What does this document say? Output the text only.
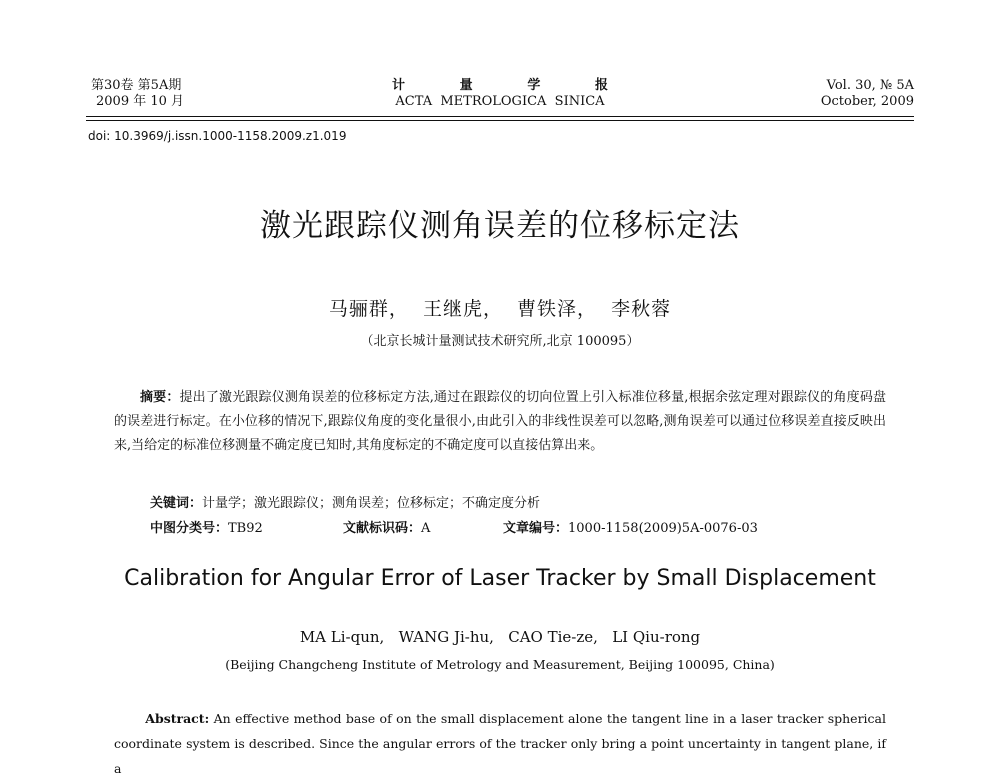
第30卷 第5A期
2009 年 10 月
计	量	学	报
ACTA  METROLOGICA  SINICA
Vol. 30, № 5A
October, 2009
doi: 10.3969/j.issn.1000-1158.2009.z1.019
激光跟踪仪测角误差的位移标定法
马骊群，  王继虎，  曹铁泽，  李秋蓉
（北京长城计量测试技术研究所,北京 100095）
摘要：提出了激光跟踪仪测角误差的位移标定方法,通过在跟踪仪的切向位置上引入标准位移量,根据余弦定理对跟踪仪的角度码盘的误差进行标定。在小位移的情况下,跟踪仪角度的变化量很小,由此引入的非线性误差可以忽略,测角误差可以通过位移误差直接反映出来,当给定的标准位移测量不确定度已知时,其角度标定的不确定度可以直接估算出来。
关键词：计量学；激光跟踪仪；测角误差；位移标定；不确定度分析
中图分类号：TB92	文献标识码：A	文章编号：1000-1158(2009)5A-0076-03
Calibration for Angular Error of Laser Tracker by Small Displacement
MA Li-qun,   WANG Ji-hu,   CAO Tie-ze,   LI Qiu-rong
(Beijing Changcheng Institute of Metrology and Measurement, Beijing 100095, China)
Abstract: An effective method base of on the small displacement alone the tangent line in a laser tracker spherical coordinate system is described. Since the angular errors of the tracker only bring a point uncertainty in tangent plane, if a
